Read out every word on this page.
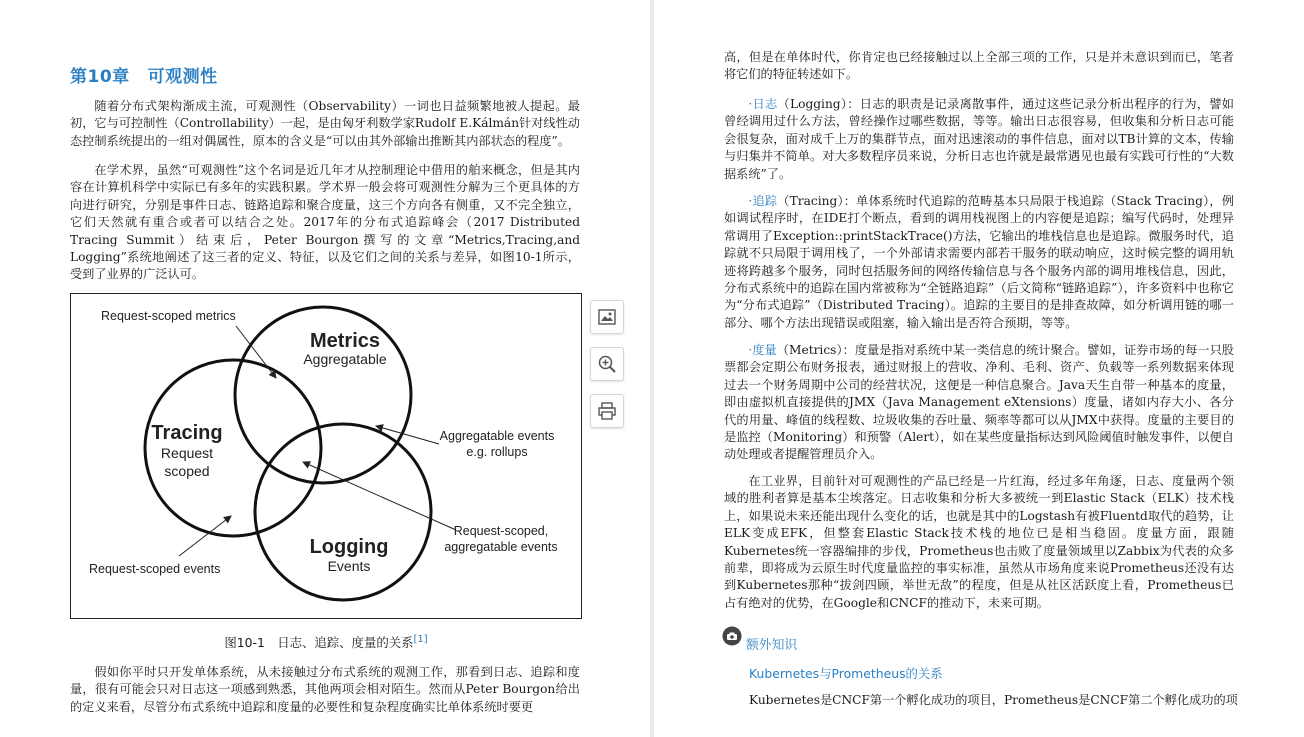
第10章 可观测性

随着分布式架构渐成主流，可观测性（Observability）一词也日益频繁地被人提起。最初，它与可控制性（Controllability）一起，是由匈牙利数学家Rudolf E.Kálmán针对线性动态控制系统提出的一组对偶属性，原本的含义是“可以由其外部输出推断其内部状态的程度”。

在学术界，虽然“可观测性”这个名词是近几年才从控制理论中借用的舶来概念，但是其内容在计算机科学中实际已有多年的实践积累。学术界一般会将可观测性分解为三个更具体的方向进行研究，分别是事件日志、链路追踪和聚合度量，这三个方向各有侧重，又不完全独立，它们天然就有重合或者可以结合之处。2017年的分布式追踪峰会（2017 Distributed Tracing Summit）结束后，Peter Bourgon撰写的文章“Metrics,Tracing,and Logging”系统地阐述了这三者的定义、特征，以及它们之间的关系与差异，如图10-1所示，受到了业界的广泛认可。

Request-scoped metrics
Metrics
Aggregatable
Tracing
Request
scoped
Aggregatable events
e.g. rollups
Request-scoped,
aggregatable events
Logging
Events
Request-scoped events

图10-1　日志、追踪、度量的关系[1]

假如你平时只开发单体系统，从未接触过分布式系统的观测工作，那看到日志、追踪和度量，很有可能会只对日志这一项感到熟悉，其他两项会相对陌生。然而从Peter Bourgon给出的定义来看，尽管分布式系统中追踪和度量的必要性和复杂程度确实比单体系统时要更

高，但是在单体时代，你肯定也已经接触过以上全部三项的工作，只是并未意识到而已，笔者将它们的特征转述如下。

·日志（Logging）：日志的职责是记录离散事件，通过这些记录分析出程序的行为，譬如曾经调用过什么方法，曾经操作过哪些数据，等等。输出日志很容易，但收集和分析日志可能会很复杂，面对成千上万的集群节点，面对迅速滚动的事件信息，面对以TB计算的文本，传输与归集并不简单。对大多数程序员来说，分析日志也许就是最常遇见也最有实践可行性的“大数据系统”了。

·追踪（Tracing）：单体系统时代追踪的范畴基本只局限于栈追踪（Stack Tracing），例如调试程序时，在IDE打个断点，看到的调用栈视图上的内容便是追踪；编写代码时，处理异常调用了Exception::printStackTrace()方法，它输出的堆栈信息也是追踪。微服务时代，追踪就不只局限于调用栈了，一个外部请求需要内部若干服务的联动响应，这时候完整的调用轨迹将跨越多个服务，同时包括服务间的网络传输信息与各个服务内部的调用堆栈信息，因此，分布式系统中的追踪在国内常被称为“全链路追踪”（后文简称“链路追踪”），许多资料中也称它为“分布式追踪”（Distributed Tracing）。追踪的主要目的是排查故障，如分析调用链的哪一部分、哪个方法出现错误或阻塞，输入输出是否符合预期，等等。

·度量（Metrics）：度量是指对系统中某一类信息的统计聚合。譬如，证券市场的每一只股票都会定期公布财务报表，通过财报上的营收、净利、毛利、资产、负载等一系列数据来体现过去一个财务周期中公司的经营状况，这便是一种信息聚合。Java天生自带一种基本的度量，即由虚拟机直接提供的JMX（Java Management eXtensions）度量，诸如内存大小、各分代的用量、峰值的线程数、垃圾收集的吞吐量、频率等都可以从JMX中获得。度量的主要目的是监控（Monitoring）和预警（Alert），如在某些度量指标达到风险阈值时触发事件，以便自动处理或者提醒管理员介入。

在工业界，目前针对可观测性的产品已经是一片红海，经过多年角逐，日志、度量两个领域的胜利者算是基本尘埃落定。日志收集和分析大多被统一到Elastic Stack（ELK）技术栈上，如果说未来还能出现什么变化的话，也就是其中的Logstash有被Fluentd取代的趋势，让ELK变成EFK，但整套Elastic Stack技术栈的地位已是相当稳固。度量方面，跟随Kubernetes统一容器编排的步伐，Prometheus也击败了度量领域里以Zabbix为代表的众多前辈，即将成为云原生时代度量监控的事实标准，虽然从市场角度来说Prometheus还没有达到Kubernetes那种“拔剑四顾，举世无敌”的程度，但是从社区活跃度上看，Prometheus已占有绝对的优势，在Google和CNCF的推动下，未来可期。

额外知识

Kubernetes与Prometheus的关系

Kubernetes是CNCF第一个孵化成功的项目，Prometheus是CNCF第二个孵化成功的项
